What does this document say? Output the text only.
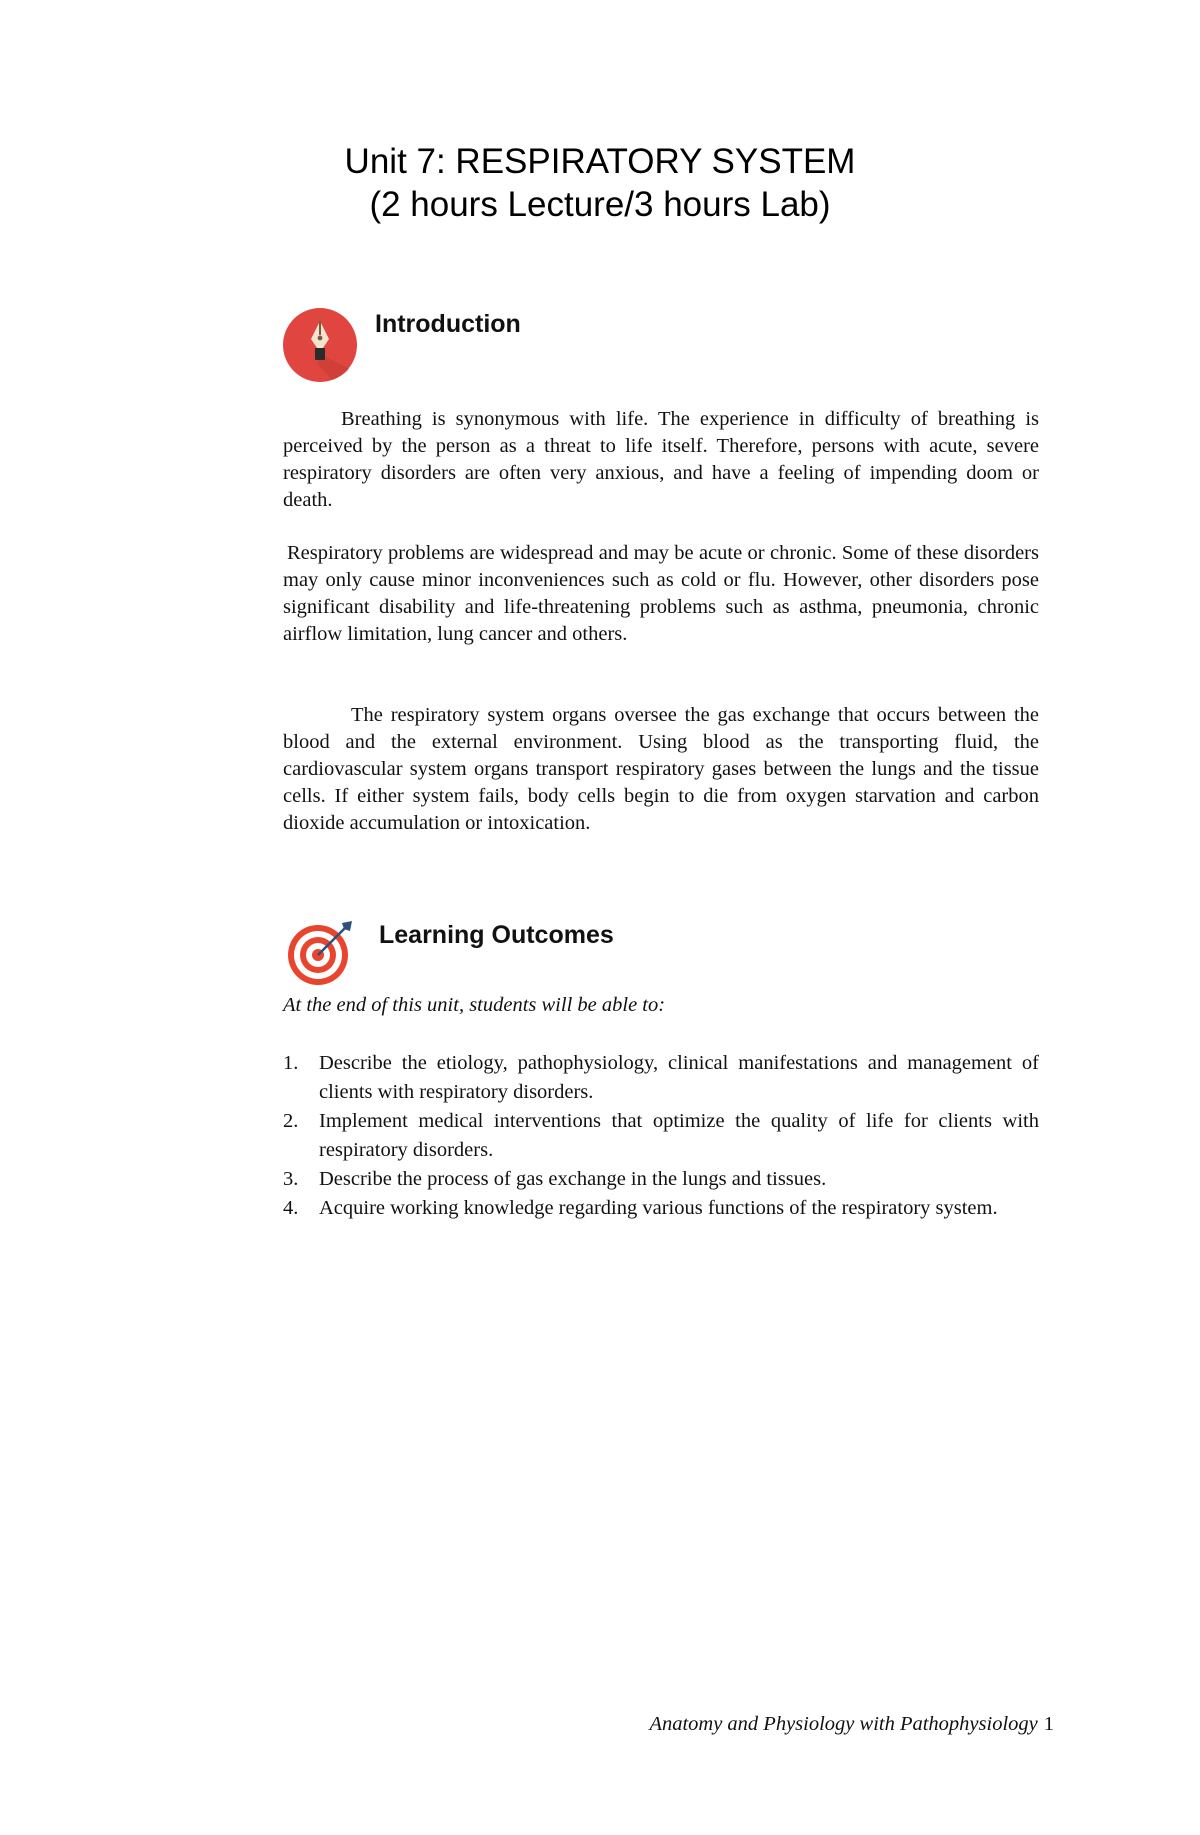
Unit 7: RESPIRATORY SYSTEM
(2 hours Lecture/3 hours Lab)
Introduction

Breathing is synonymous with life. The experience in difficulty of breathing is perceived by the person as a threat to life itself. Therefore, persons with acute, severe respiratory disorders are often very anxious, and have a feeling of impending doom or death.

Respiratory problems are widespread and may be acute or chronic. Some of these disorders may only cause minor inconveniences such as cold or flu. However, other disorders pose significant disability and life-threatening problems such as asthma, pneumonia, chronic airflow limitation, lung cancer and others.

The respiratory system organs oversee the gas exchange that occurs between the blood and the external environment. Using blood as the transporting fluid, the cardiovascular system organs transport respiratory gases between the lungs and the tissue cells. If either system fails, body cells begin to die from oxygen starvation and carbon dioxide accumulation or intoxication.

Learning Outcomes

At the end of this unit, students will be able to:

1. Describe the etiology, pathophysiology, clinical manifestations and management of clients with respiratory disorders.
2. Implement medical interventions that optimize the quality of life for clients with respiratory disorders.
3. Describe the process of gas exchange in the lungs and tissues.
4. Acquire working knowledge regarding various functions of the respiratory system.
Anatomy and Physiology with Pathophysiology 1
